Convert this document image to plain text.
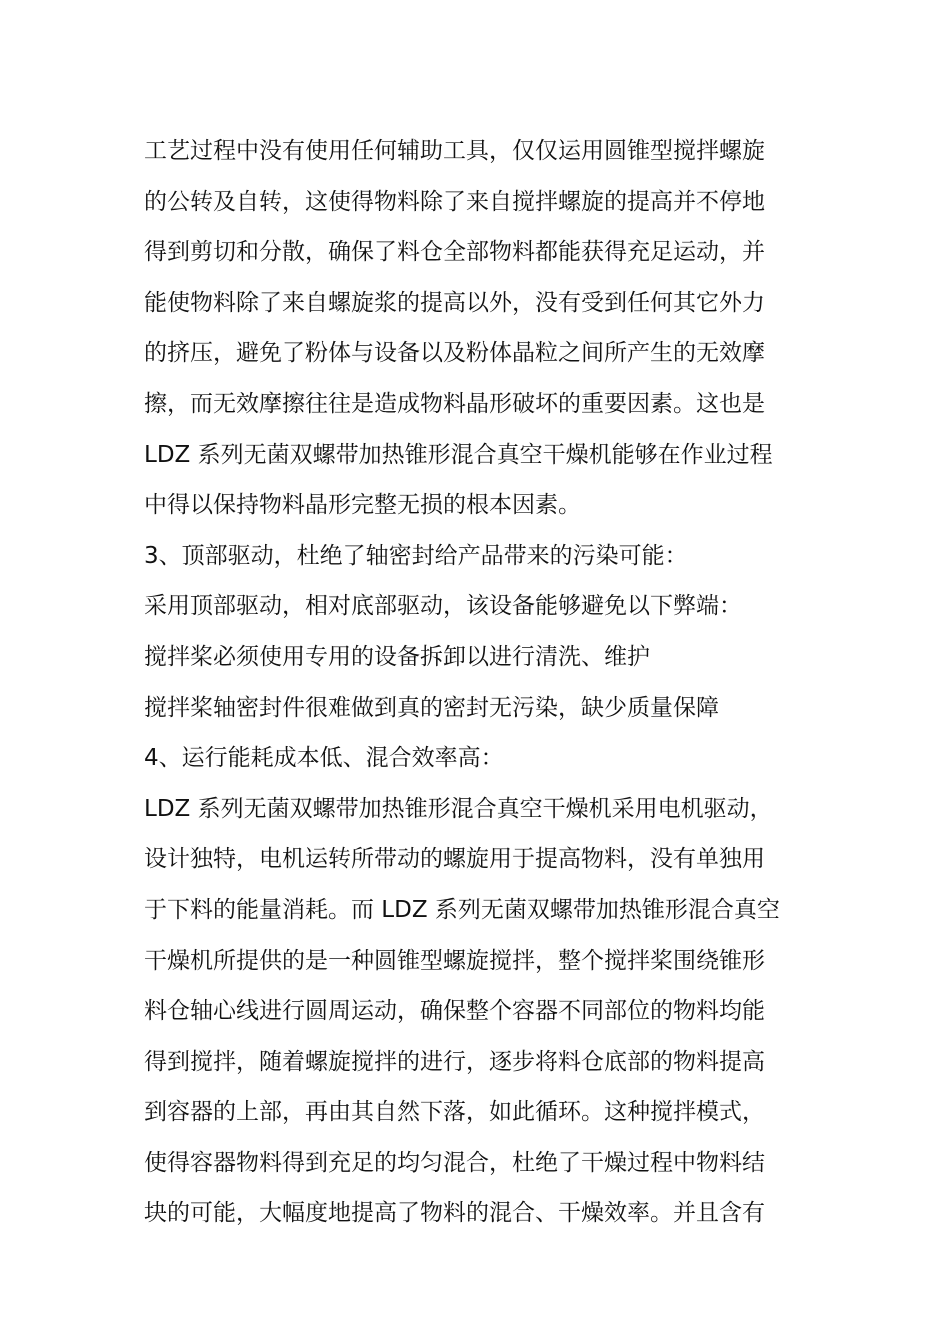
工艺过程中没有使用任何辅助工具，仅仅运用圆锥型搅拌螺旋
的公转及自转，这使得物料除了来自搅拌螺旋的提高并不停地
得到剪切和分散，确保了料仓全部物料都能获得充足运动，并
能使物料除了来自螺旋浆的提高以外，没有受到任何其它外力
的挤压，避免了粉体与设备以及粉体晶粒之间所产生的无效摩
擦，而无效摩擦往往是造成物料晶形破坏的重要因素。这也是
LDZ 系列无菌双螺带加热锥形混合真空干燥机能够在作业过程
中得以保持物料晶形完整无损的根本因素。
3、顶部驱动，杜绝了轴密封给产品带来的污染可能：
采用顶部驱动，相对底部驱动，该设备能够避免以下弊端：
搅拌桨必须使用专用的设备拆卸以进行清洗、维护
搅拌桨轴密封件很难做到真的密封无污染，缺少质量保障
4、运行能耗成本低、混合效率高：
LDZ 系列无菌双螺带加热锥形混合真空干燥机采用电机驱动，
设计独特，电机运转所带动的螺旋用于提高物料，没有单独用
于下料的能量消耗。而 LDZ 系列无菌双螺带加热锥形混合真空
干燥机所提供的是一种圆锥型螺旋搅拌，整个搅拌桨围绕锥形
料仓轴心线进行圆周运动，确保整个容器不同部位的物料均能
得到搅拌，随着螺旋搅拌的进行，逐步将料仓底部的物料提高
到容器的上部，再由其自然下落，如此循环。这种搅拌模式，
使得容器物料得到充足的均匀混合，杜绝了干燥过程中物料结
块的可能，大幅度地提高了物料的混合、干燥效率。并且含有
